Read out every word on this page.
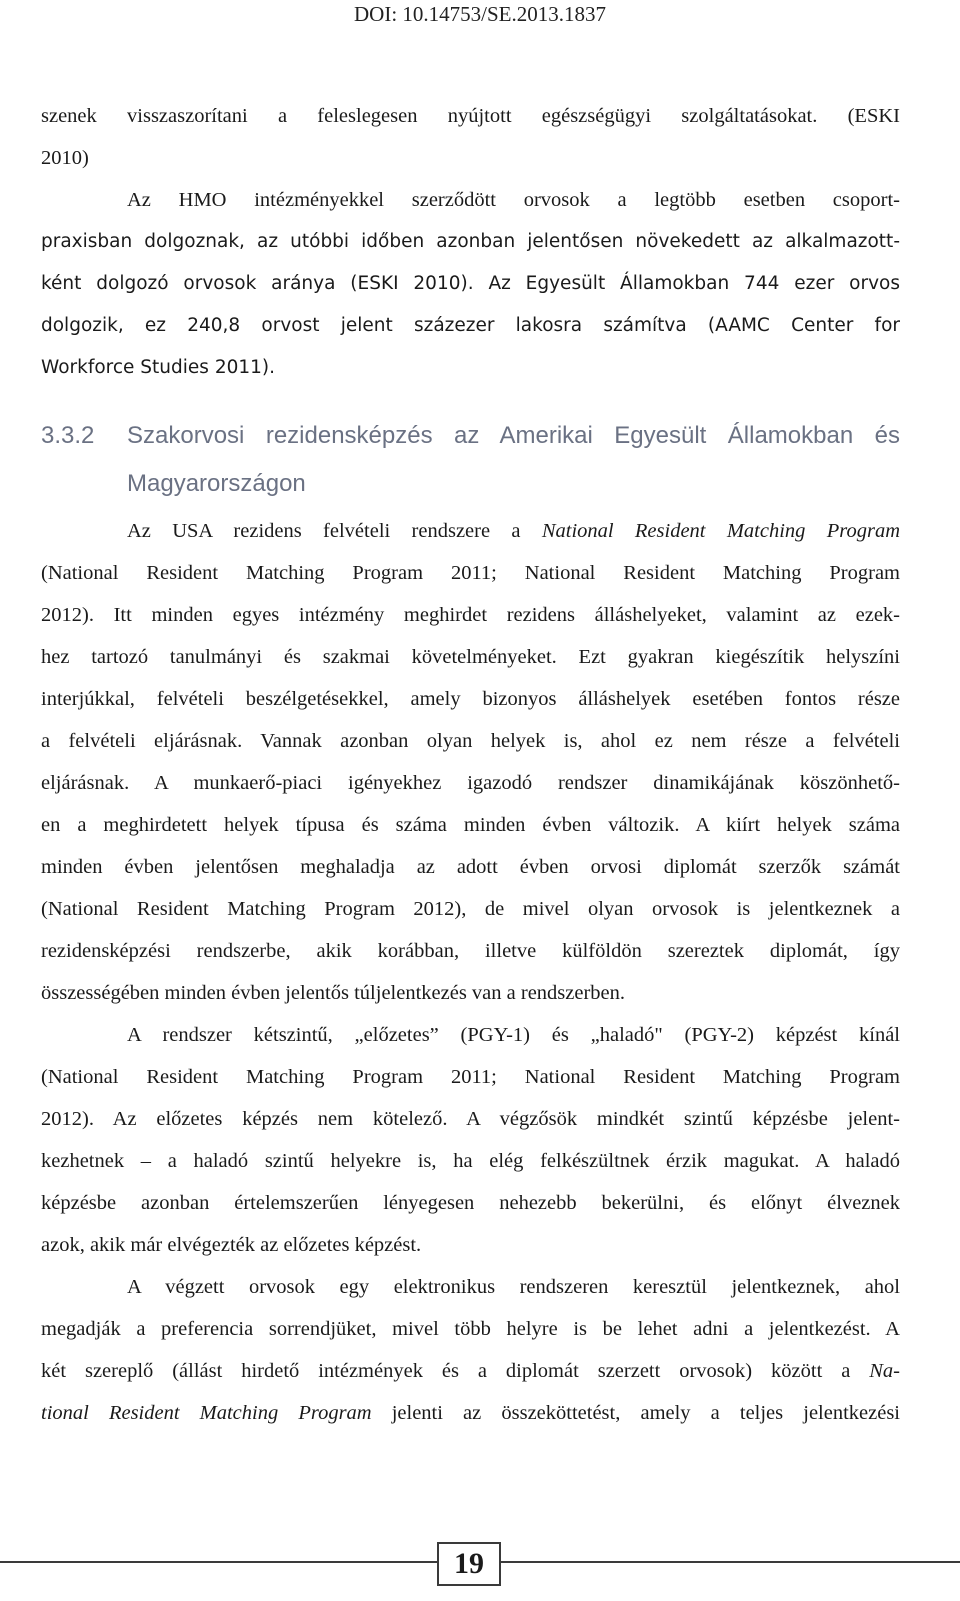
DOI: 10.14753/SE.2013.1837
szenek visszaszorítani a feleslegesen nyújtott egészségügyi szolgáltatásokat. (ESKI
2010)
Az HMO intézményekkel szerződött orvosok a legtöbb esetben csoport-
praxisban dolgoznak, az utóbbi időben azonban jelentősen növekedett az alkalmazott-
ként dolgozó orvosok aránya (ESKI 2010). Az Egyesült Államokban 744 ezer orvos
dolgozik, ez 240,8 orvost jelent százezer lakosra számítva (AAMC Center for
Workforce Studies 2011).
3.3.2 Szakorvosi rezidensképzés az Amerikai Egyesült Államokban és
Magyarországon
Az USA rezidens felvételi rendszere a National Resident Matching Program
(National Resident Matching Program 2011; National Resident Matching Program
2012). Itt minden egyes intézmény meghirdet rezidens álláshelyeket, valamint az ezek-
hez tartozó tanulmányi és szakmai követelményeket. Ezt gyakran kiegészítik helyszíni
interjúkkal, felvételi beszélgetésekkel, amely bizonyos álláshelyek esetében fontos része
a felvételi eljárásnak. Vannak azonban olyan helyek is, ahol ez nem része a felvételi
eljárásnak. A munkaerő-piaci igényekhez igazodó rendszer dinamikájának köszönhető-
en a meghirdetett helyek típusa és száma minden évben változik. A kiírt helyek száma
minden évben jelentősen meghaladja az adott évben orvosi diplomát szerzők számát
(National Resident Matching Program 2012), de mivel olyan orvosok is jelentkeznek a
rezidensképzési rendszerbe, akik korábban, illetve külföldön szereztek diplomát, így
összességében minden évben jelentős túljelentkezés van a rendszerben.
A rendszer kétszintű, „előzetes” (PGY-1) és „haladó" (PGY-2) képzést kínál
(National Resident Matching Program 2011; National Resident Matching Program
2012). Az előzetes képzés nem kötelező. A végzősök mindkét szintű képzésbe jelent-
kezhetnek – a haladó szintű helyekre is, ha elég felkészültnek érzik magukat. A haladó
képzésbe azonban értelemszerűen lényegesen nehezebb bekerülni, és előnyt élveznek
azok, akik már elvégezték az előzetes képzést.
A végzett orvosok egy elektronikus rendszeren keresztül jelentkeznek, ahol
megadják a preferencia sorrendjüket, mivel több helyre is be lehet adni a jelentkezést. A
két szereplő (állást hirdető intézmények és a diplomát szerzett orvosok) között a Na-
tional Resident Matching Program jelenti az összeköttetést, amely a teljes jelentkezési
19
